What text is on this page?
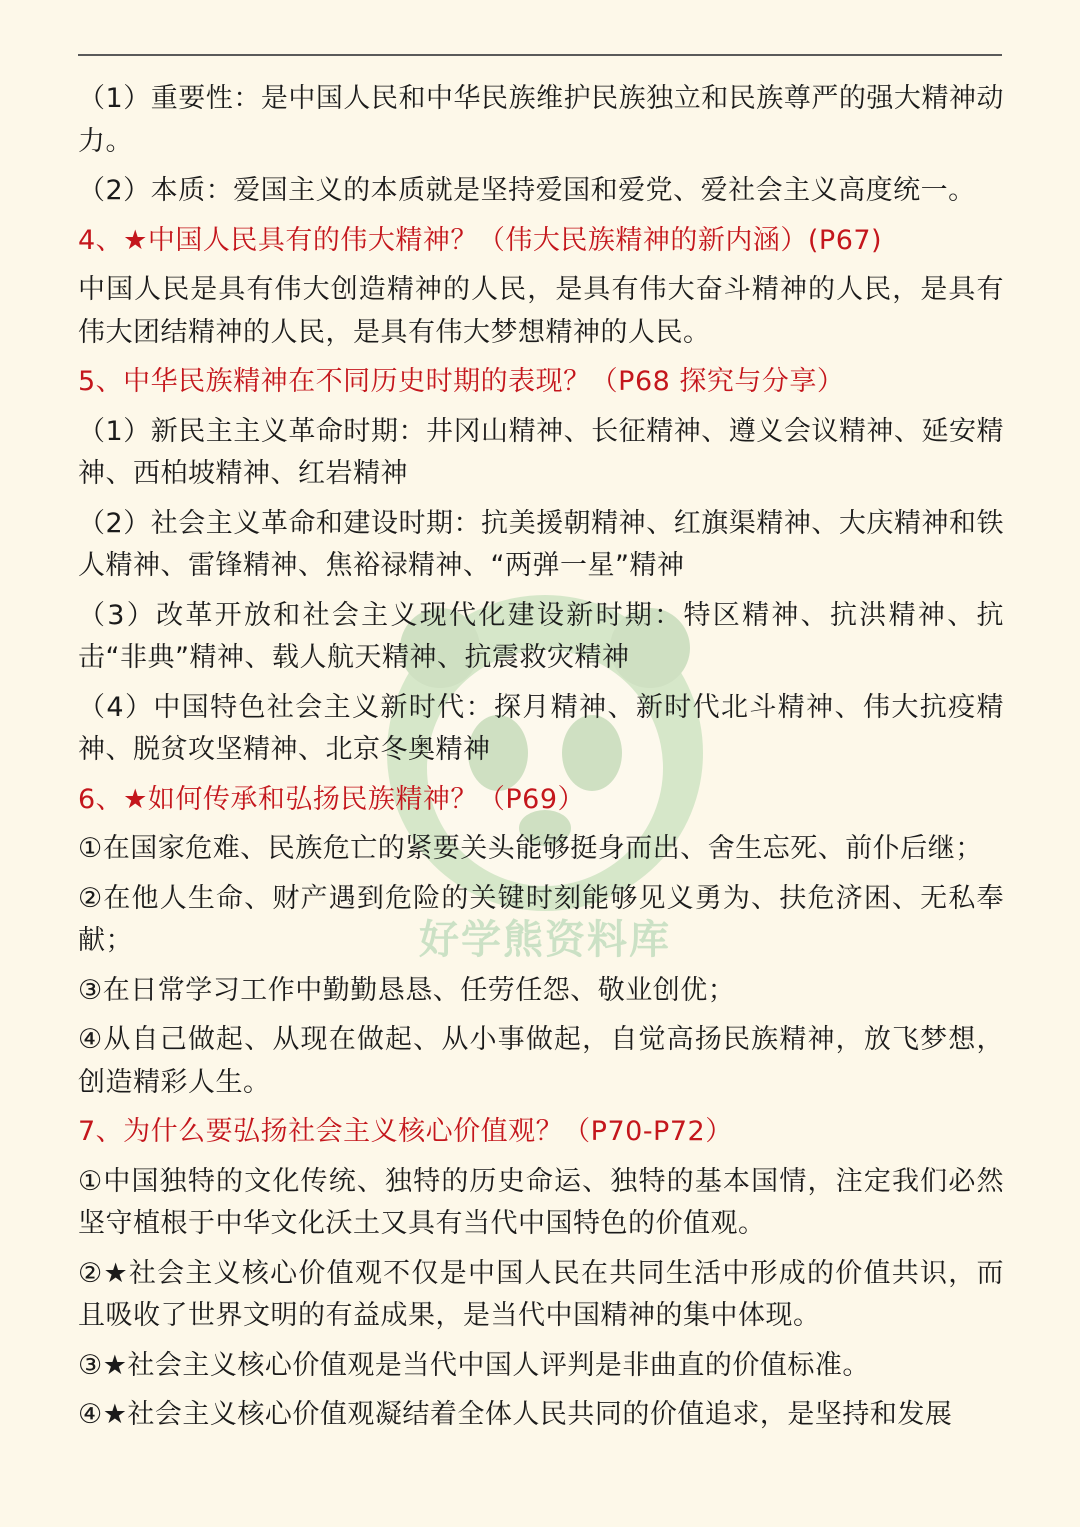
好学熊资料库

（1）重要性：是中国人民和中华民族维护民族独立和民族尊严的强大精神动力。

（2）本质：爱国主义的本质就是坚持爱国和爱党、爱社会主义高度统一。

4、★中国人民具有的伟大精神？（伟大民族精神的新内涵）(P67)

中国人民是具有伟大创造精神的人民，是具有伟大奋斗精神的人民，是具有伟大团结精神的人民，是具有伟大梦想精神的人民。

5、中华民族精神在不同历史时期的表现？（P68 探究与分享）

（1）新民主主义革命时期：井冈山精神、长征精神、遵义会议精神、延安精神、西柏坡精神、红岩精神

（2）社会主义革命和建设时期：抗美援朝精神、红旗渠精神、大庆精神和铁人精神、雷锋精神、焦裕禄精神、“两弹一星”精神

（3）改革开放和社会主义现代化建设新时期：特区精神、抗洪精神、抗击“非典”精神、载人航天精神、抗震救灾精神

（4）中国特色社会主义新时代：探月精神、新时代北斗精神、伟大抗疫精神、脱贫攻坚精神、北京冬奥精神

6、★如何传承和弘扬民族精神？（P69）

①在国家危难、民族危亡的紧要关头能够挺身而出、舍生忘死、前仆后继；

②在他人生命、财产遇到危险的关键时刻能够见义勇为、扶危济困、无私奉献；

③在日常学习工作中勤勤恳恳、任劳任怨、敬业创优；

④从自己做起、从现在做起、从小事做起，自觉高扬民族精神，放飞梦想，创造精彩人生。

7、为什么要弘扬社会主义核心价值观？（P70-P72）

①中国独特的文化传统、独特的历史命运、独特的基本国情，注定我们必然坚守植根于中华文化沃土又具有当代中国特色的价值观。

②★社会主义核心价值观不仅是中国人民在共同生活中形成的价值共识，而且吸收了世界文明的有益成果，是当代中国精神的集中体现。

③★社会主义核心价值观是当代中国人评判是非曲直的价值标准。

④★社会主义核心价值观凝结着全体人民共同的价值追求，是坚持和发展
